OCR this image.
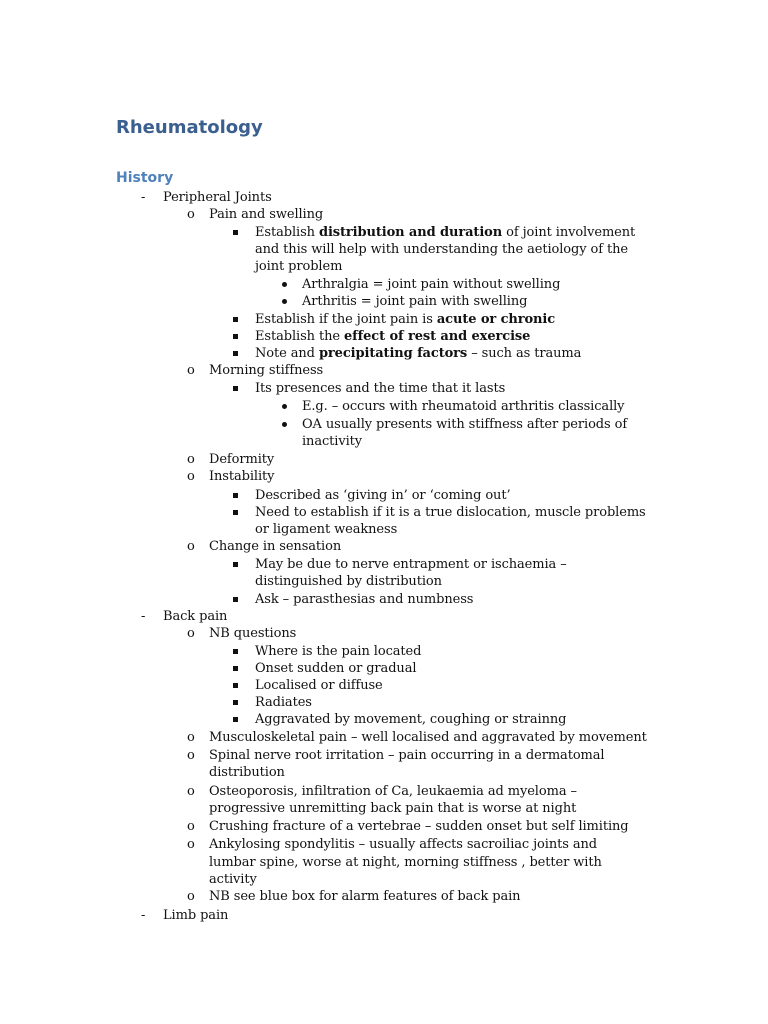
Rheumatology
History
- Peripheral Joints
o Pain and swelling
Establish distribution and duration of joint involvement
and this will help with understanding the aetiology of the
joint problem
Arthralgia = joint pain without swelling
Arthritis = joint pain with swelling
Establish if the joint pain is acute or chronic
Establish the effect of rest and exercise
Note and precipitating factors – such as trauma
o Morning stiffness
Its presences and the time that it lasts
E.g. – occurs with rheumatoid arthritis classically
OA usually presents with stiffness after periods of
inactivity
o Deformity
o Instability
Described as ‘giving in’ or ‘coming out’
Need to establish if it is a true dislocation, muscle problems
or ligament weakness
o Change in sensation
May be due to nerve entrapment or ischaemia –
distinguished by distribution
Ask – parasthesias and numbness
- Back pain
o NB questions
Where is the pain located
Onset sudden or gradual
Localised or diffuse
Radiates
Aggravated by movement, coughing or strainng
o Musculoskeletal pain – well localised and aggravated by movement
o Spinal nerve root irritation – pain occurring in a dermatomal
distribution
o Osteoporosis, infiltration of Ca, leukaemia ad myeloma –
progressive unremitting back pain that is worse at night
o Crushing fracture of a vertebrae – sudden onset but self limiting
o Ankylosing spondylitis – usually affects sacroiliac joints and
lumbar spine, worse at night, morning stiffness , better with
activity
o NB see blue box for alarm features of back pain
- Limb pain
